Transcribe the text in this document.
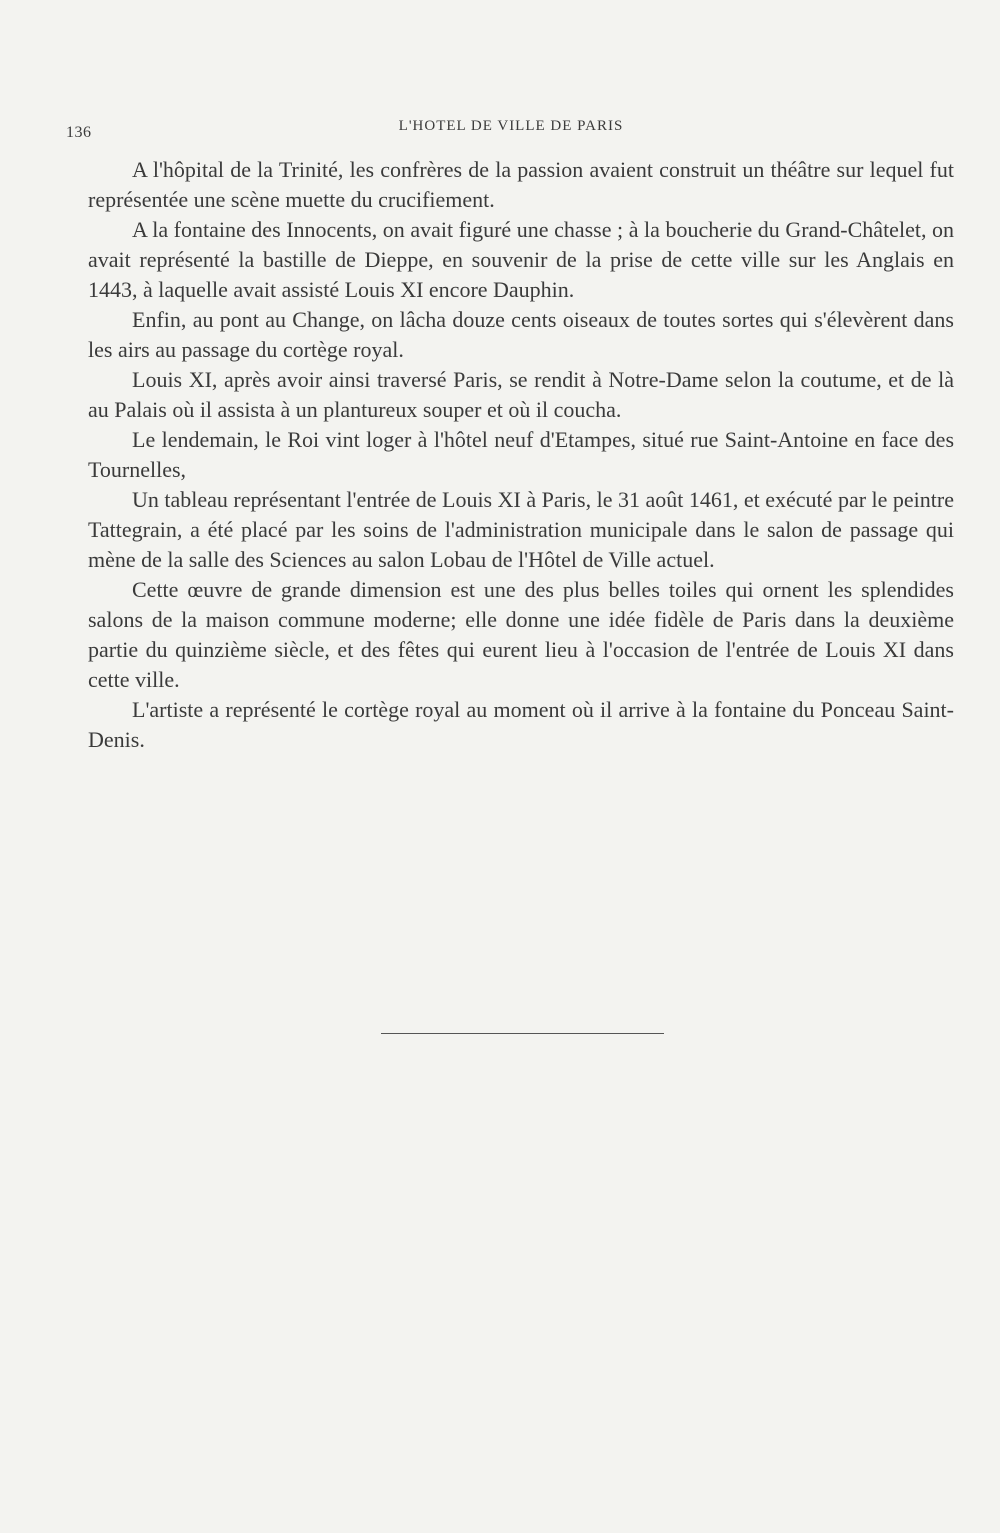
136	L'HOTEL DE VILLE DE PARIS

A l'hôpital de la Trinité, les confrères de la passion avaient construit un théâtre sur lequel fut représentée une scène muette du crucifiement.

A la fontaine des Innocents, on avait figuré une chasse ; à la boucherie du Grand-Châtelet, on avait représenté la bastille de Dieppe, en souvenir de la prise de cette ville sur les Anglais en 1443, à laquelle avait assisté Louis XI encore Dauphin.

Enfin, au pont au Change, on lâcha douze cents oiseaux de toutes sortes qui s'élevèrent dans les airs au passage du cortège royal.

Louis XI, après avoir ainsi traversé Paris, se rendit à Notre-Dame selon la coutume, et de là au Palais où il assista à un plantureux souper et où il coucha.

Le lendemain, le Roi vint loger à l'hôtel neuf d'Etampes, situé rue Saint-Antoine en face des Tournelles,

Un tableau représentant l'entrée de Louis XI à Paris, le 31 août 1461, et exécuté par le peintre Tattegrain, a été placé par les soins de l'administration municipale dans le salon de passage qui mène de la salle des Sciences au salon Lobau de l'Hôtel de Ville actuel.

Cette œuvre de grande dimension est une des plus belles toiles qui ornent les splendides salons de la maison commune moderne; elle donne une idée fidèle de Paris dans la deuxième partie du quinzième siècle, et des fêtes qui eurent lieu à l'occasion de l'entrée de Louis XI dans cette ville.

L'artiste a représenté le cortège royal au moment où il arrive à la fontaine du Ponceau Saint-Denis.
